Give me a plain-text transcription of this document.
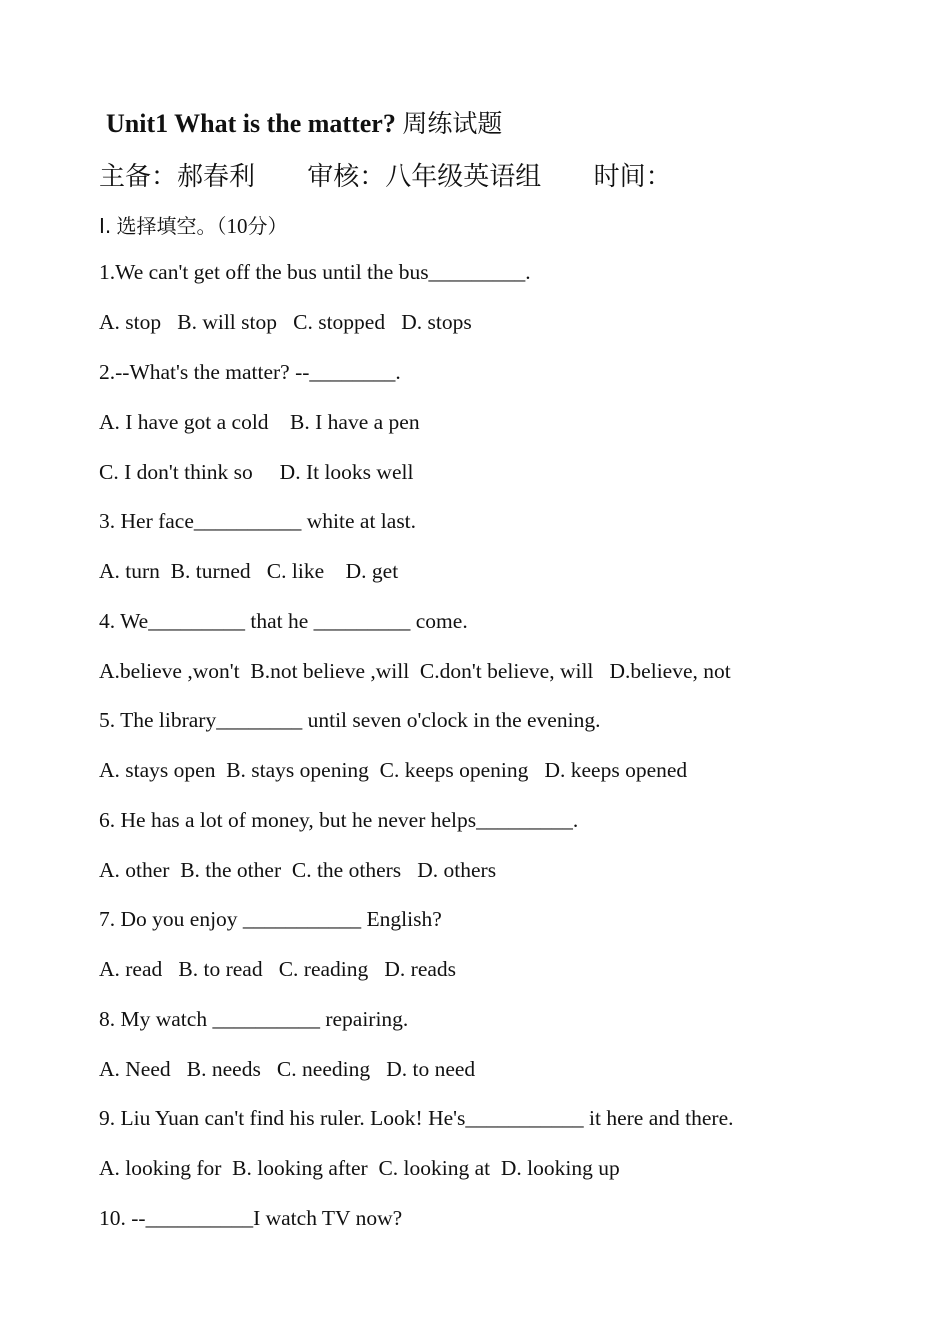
Unit1 What is the matter? 周练试题
主备：郝春利 审核：八年级英语组 时间：
Ⅰ. 选择填空。（10分）
1.We can't get off the bus until the bus_________.
A. stop   B. will stop   C. stopped   D. stops
2.--What's the matter? --________.
A. I have got a cold    B. I have a pen
C. I don't think so     D. It looks well
3. Her face__________ white at last.
A. turn  B. turned   C. like    D. get
4. We_________ that he _________ come.
A.believe ,won't  B.not believe ,will  C.don't believe, will   D.believe, not
5. The library________ until seven o'clock in the evening.
A. stays open  B. stays opening  C. keeps opening   D. keeps opened
6. He has a lot of money, but he never helps_________.
A. other  B. the other  C. the others   D. others
7. Do you enjoy ___________ English?
A. read   B. to read   C. reading   D. reads
8. My watch __________ repairing.
A. Need   B. needs   C. needing   D. to need
9. Liu Yuan can't find his ruler. Look! He's___________ it here and there.
A. looking for  B. looking after  C. looking at  D. looking up
10. --__________I watch TV now?
